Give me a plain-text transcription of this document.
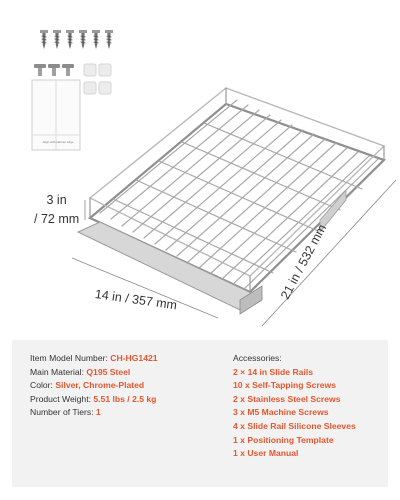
Align with cabinet edge
3 in
/ 72 mm
14 in / 357 mm	21 in / 532 mm
Item Model Number: CH-HG1421
Main Material: Q195 Steel
Color: Silver, Chrome-Plated
Product Weight: 5.51 lbs / 2.5 kg
Number of Tiers: 1
Accessories:
2 × 14 in Slide Rails
10 x Self-Tapping Screws
2 x Stainless Steel Screws
3 x M5 Machine Screws
4 x Slide Rail Silicone Sleeves
1 x Positioning Template
1 x User Manual
